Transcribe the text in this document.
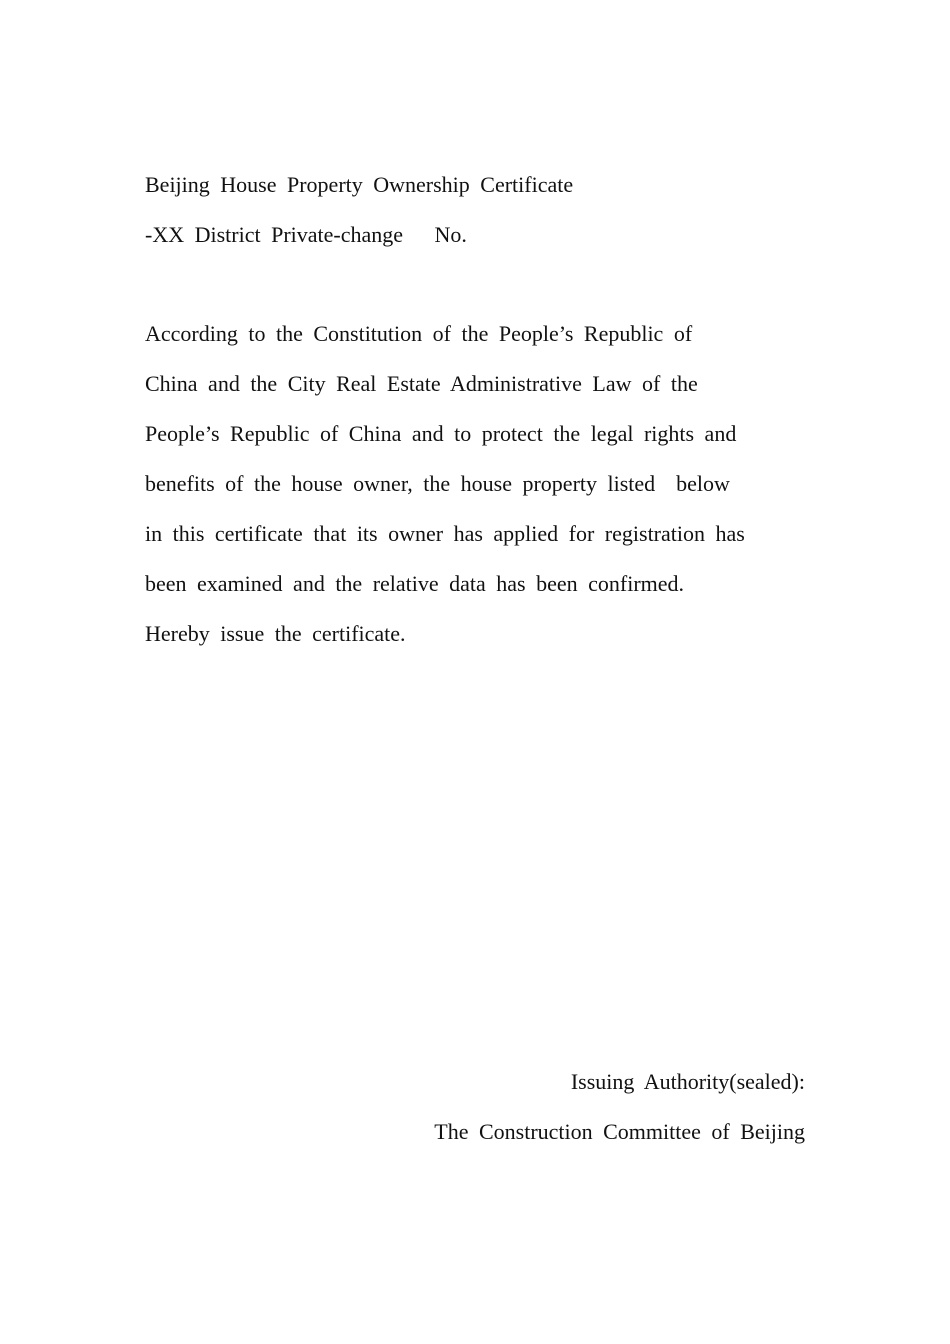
Beijing House Property Ownership Certificate

-XX District Private-change   No.

According to the Constitution of the People’s Republic of

China and the City Real Estate Administrative Law of the

People’s Republic of China and to protect the legal rights and

benefits of the house owner, the house property listed  below

in this certificate that its owner has applied for registration has

been examined and the relative data has been confirmed.

Hereby issue the certificate.

Issuing Authority(sealed):

The Construction Committee of Beijing
